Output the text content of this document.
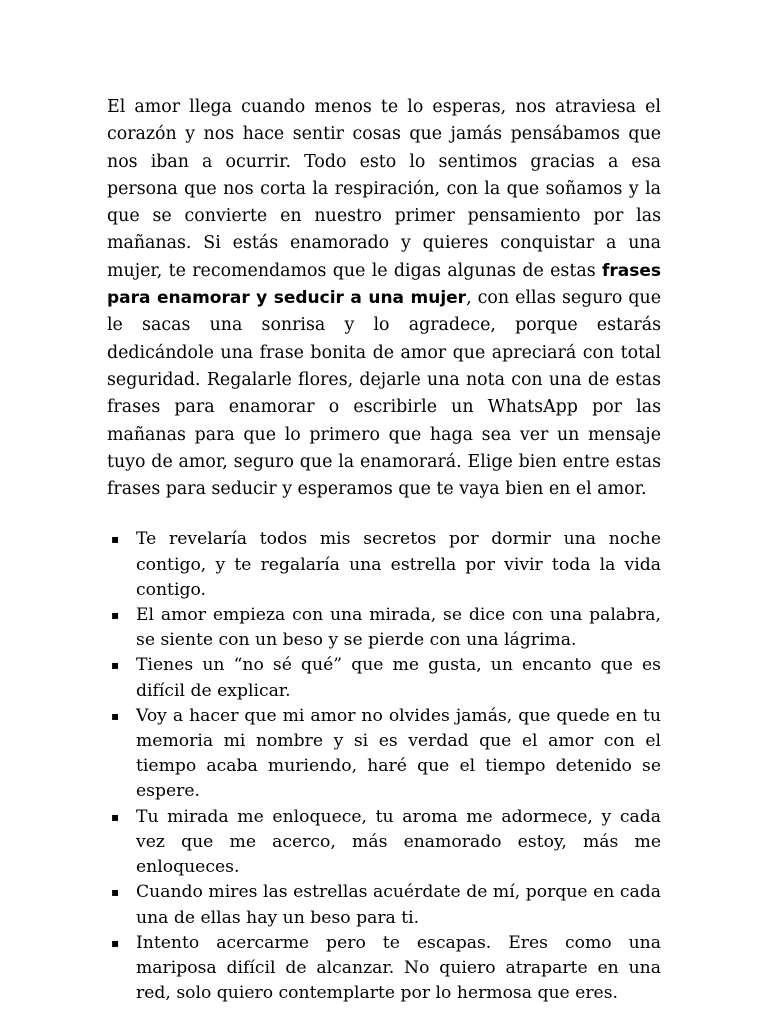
El amor llega cuando menos te lo esperas, nos atraviesa el corazón y nos hace sentir cosas que jamás pensábamos que nos iban a ocurrir. Todo esto lo sentimos gracias a esa persona que nos corta la respiración, con la que soñamos y la que se convierte en nuestro primer pensamiento por las mañanas. Si estás enamorado y quieres conquistar a una mujer, te recomendamos que le digas algunas de estas frases para enamorar y seducir a una mujer, con ellas seguro que le sacas una sonrisa y lo agradece, porque estarás dedicándole una frase bonita de amor que apreciará con total seguridad. Regalarle flores, dejarle una nota con una de estas frases para enamorar o escribirle un WhatsApp por las mañanas para que lo primero que haga sea ver un mensaje tuyo de amor, seguro que la enamorará. Elige bien entre estas frases para seducir y esperamos que te vaya bien en el amor.

▪ Te revelaría todos mis secretos por dormir una noche contigo, y te regalaría una estrella por vivir toda la vida contigo.
▪ El amor empieza con una mirada, se dice con una palabra, se siente con un beso y se pierde con una lágrima.
▪ Tienes un “no sé qué” que me gusta, un encanto que es difícil de explicar.
▪ Voy a hacer que mi amor no olvides jamás, que quede en tu memoria mi nombre y si es verdad que el amor con el tiempo acaba muriendo, haré que el tiempo detenido se espere.
▪ Tu mirada me enloquece, tu aroma me adormece, y cada vez que me acerco, más enamorado estoy, más me enloqueces.
▪ Cuando mires las estrellas acuérdate de mí, porque en cada una de ellas hay un beso para ti.
▪ Intento acercarme pero te escapas. Eres como una mariposa difícil de alcanzar. No quiero atraparte en una red, solo quiero contemplarte por lo hermosa que eres.
